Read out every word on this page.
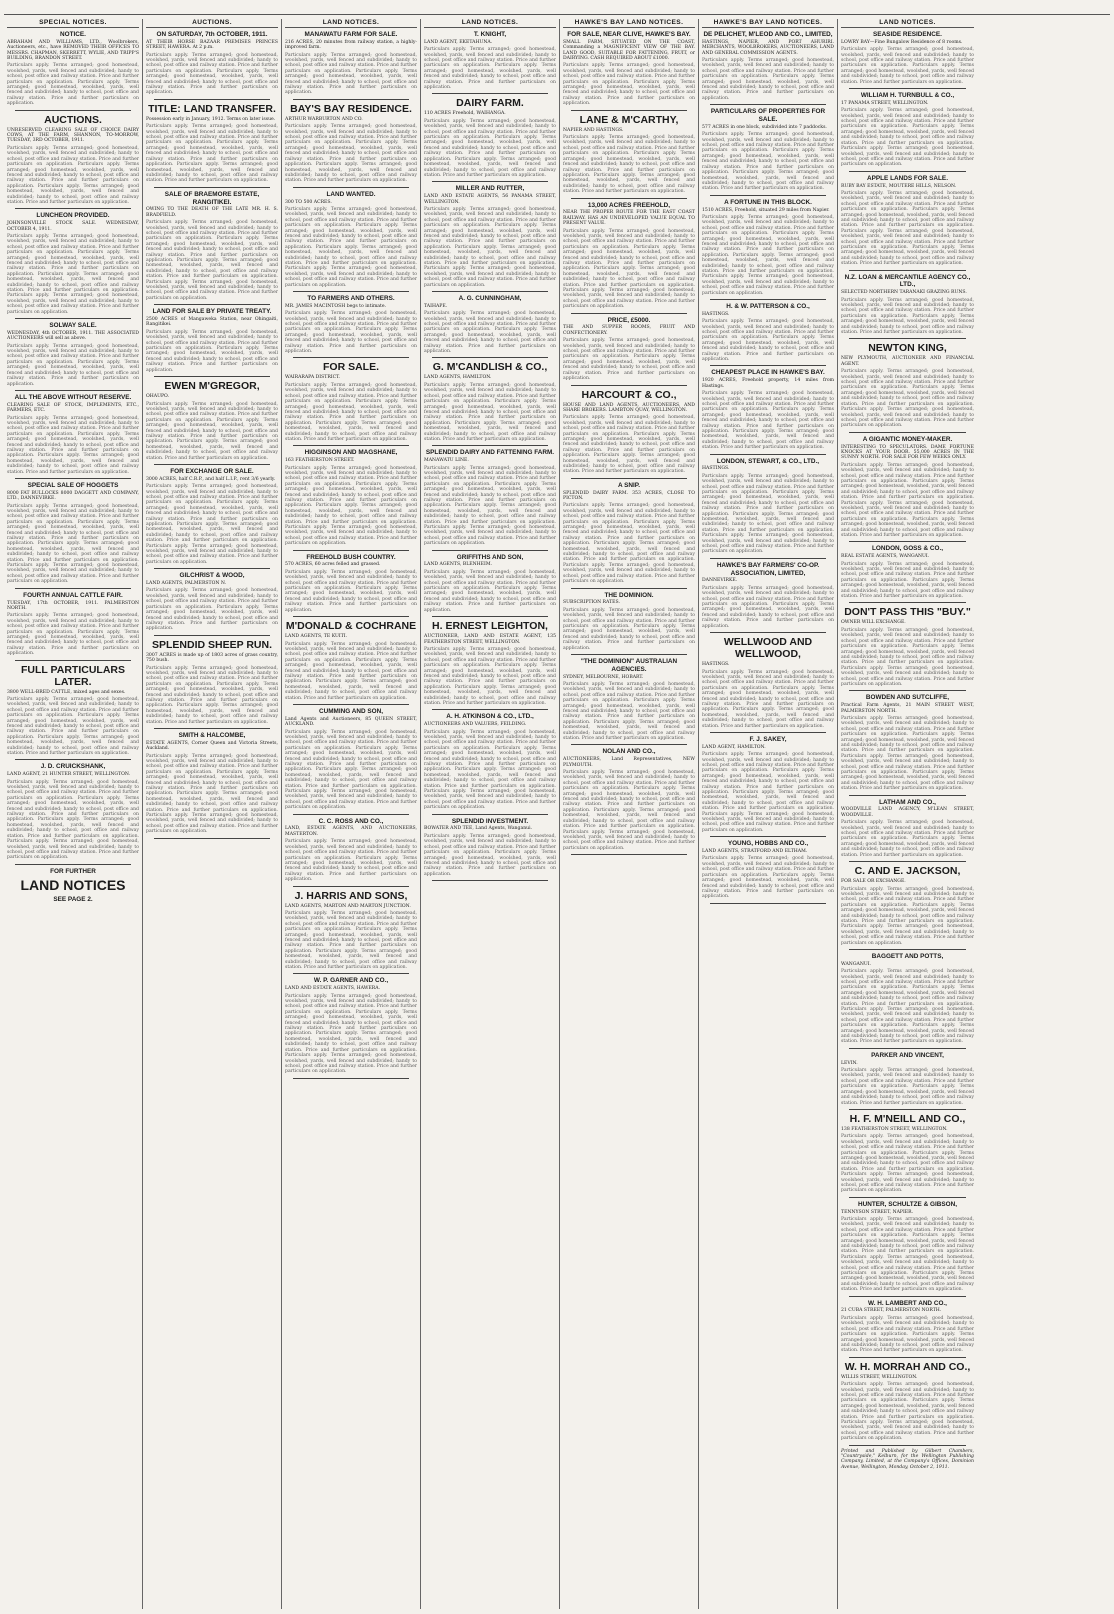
SPECIAL NOTICES.
NOTICE.
ABRAHAM AND WILLIAMS, LTD., Woolbrokers, Auctioneers, etc., have REMOVED THEIR OFFICES TO MESSRS. CHAPMAN, SKERRETT, WYLIE, AND TRIPP'S BUILDING, BRANDON STREET.
Particulars apply. Terms arranged; good homestead, woolshed, yards, well fenced and subdivided; handy to school, post office and railway station. Price and further particulars on application. Particulars apply. Terms arranged; good homestead, woolshed, yards, well fenced and subdivided; handy to school, post office and railway station. Price and further particulars on application.
AUCTIONS.
UNRESERVED CLEARING SALE OF CHOICE DAIRY COWS, AT THE FARM, SHANNON, TO-MORROW, TUESDAY, 3RD OCTOBER, 1911.
Particulars apply. Terms arranged; good homestead, woolshed, yards, well fenced and subdivided; handy to school, post office and railway station. Price and further particulars on application. Particulars apply. Terms arranged; good homestead, woolshed, yards, well fenced and subdivided; handy to school, post office and railway station. Price and further particulars on application. Particulars apply. Terms arranged; good homestead, woolshed, yards, well fenced and subdivided; handy to school, post office and railway station. Price and further particulars on application.
LUNCHEON PROVIDED.
JOHNSONVILLE STOCK SALE. WEDNESDAY, OCTOBER 4, 1911.
Particulars apply. Terms arranged; good homestead, woolshed, yards, well fenced and subdivided; handy to school, post office and railway station. Price and further particulars on application. Particulars apply. Terms arranged; good homestead, woolshed, yards, well fenced and subdivided; handy to school, post office and railway station. Price and further particulars on application. Particulars apply. Terms arranged; good homestead, woolshed, yards, well fenced and subdivided; handy to school, post office and railway station. Price and further particulars on application. Particulars apply. Terms arranged; good homestead, woolshed, yards, well fenced and subdivided; handy to school, post office and railway station. Price and further particulars on application.
SOLWAY SALE.
WEDNESDAY, 4th OCTOBER, 1911. THE ASSOCIATED AUCTIONEERS will sell as above.
Particulars apply. Terms arranged; good homestead, woolshed, yards, well fenced and subdivided; handy to school, post office and railway station. Price and further particulars on application. Particulars apply. Terms arranged; good homestead, woolshed, yards, well fenced and subdivided; handy to school, post office and railway station. Price and further particulars on application.
ALL THE ABOVE WITHOUT RESERVE.
CLEARING SALE OF STOCK, IMPLEMENTS, ETC., FARMERS, ETC.
Particulars apply. Terms arranged; good homestead, woolshed, yards, well fenced and subdivided; handy to school, post office and railway station. Price and further particulars on application. Particulars apply. Terms arranged; good homestead, woolshed, yards, well fenced and subdivided; handy to school, post office and railway station. Price and further particulars on application. Particulars apply. Terms arranged; good homestead, woolshed, yards, well fenced and subdivided; handy to school, post office and railway station. Price and further particulars on application.
SPECIAL SALE OF HOGGETS
8000 FAT BULLOCKS 8000 DAGGETT AND COMPANY, LTD., DANNEVIRKE.
Particulars apply. Terms arranged; good homestead, woolshed, yards, well fenced and subdivided; handy to school, post office and railway station. Price and further particulars on application. Particulars apply. Terms arranged; good homestead, woolshed, yards, well fenced and subdivided; handy to school, post office and railway station. Price and further particulars on application. Particulars apply. Terms arranged; good homestead, woolshed, yards, well fenced and subdivided; handy to school, post office and railway station. Price and further particulars on application. Particulars apply. Terms arranged; good homestead, woolshed, yards, well fenced and subdivided; handy to school, post office and railway station. Price and further particulars on application.
FOURTH ANNUAL CATTLE FAIR.
TUESDAY, 17th OCTOBER, 1911. PALMERSTON NORTH.
Particulars apply. Terms arranged; good homestead, woolshed, yards, well fenced and subdivided; handy to school, post office and railway station. Price and further particulars on application. Particulars apply. Terms arranged; good homestead, woolshed, yards, well fenced and subdivided; handy to school, post office and railway station. Price and further particulars on application.
FULL PARTICULARS LATER.
3800 WELL-BRED CATTLE, mixed ages and sexes.
Particulars apply. Terms arranged; good homestead, woolshed, yards, well fenced and subdivided; handy to school, post office and railway station. Price and further particulars on application. Particulars apply. Terms arranged; good homestead, woolshed, yards, well fenced and subdivided; handy to school, post office and railway station. Price and further particulars on application. Particulars apply. Terms arranged; good homestead, woolshed, yards, well fenced and subdivided; handy to school, post office and railway station. Price and further particulars on application.
J. D. CRUICKSHANK,
LAND AGENT, 21 HUNTER STREET, WELLINGTON.
Particulars apply. Terms arranged; good homestead, woolshed, yards, well fenced and subdivided; handy to school, post office and railway station. Price and further particulars on application. Particulars apply. Terms arranged; good homestead, woolshed, yards, well fenced and subdivided; handy to school, post office and railway station. Price and further particulars on application. Particulars apply. Terms arranged; good homestead, woolshed, yards, well fenced and subdivided; handy to school, post office and railway station. Price and further particulars on application. Particulars apply. Terms arranged; good homestead, woolshed, yards, well fenced and subdivided; handy to school, post office and railway station. Price and further particulars on application.
FOR FURTHER
LAND NOTICES
SEE PAGE 2.
AUCTIONS.
ON SATURDAY, 7th OCTOBER, 1911.
AT THEIR HORSE BAZAAR PREMISES PRINCES STREET, HAWERA. At 2 p.m.
Particulars apply. Terms arranged; good homestead, woolshed, yards, well fenced and subdivided; handy to school, post office and railway station. Price and further particulars on application. Particulars apply. Terms arranged; good homestead, woolshed, yards, well fenced and subdivided; handy to school, post office and railway station. Price and further particulars on application.
TITLE: LAND TRANSFER.
Possession early in January, 1912. Terms on later issue.
Particulars apply. Terms arranged; good homestead, woolshed, yards, well fenced and subdivided; handy to school, post office and railway station. Price and further particulars on application. Particulars apply. Terms arranged; good homestead, woolshed, yards, well fenced and subdivided; handy to school, post office and railway station. Price and further particulars on application. Particulars apply. Terms arranged; good homestead, woolshed, yards, well fenced and subdivided; handy to school, post office and railway station. Price and further particulars on application.
SALE OF BRAEMORE ESTATE, RANGITIKEI.
OWING TO THE DEATH OF THE LATE MR. H. S. BRADFIELD.
Particulars apply. Terms arranged; good homestead, woolshed, yards, well fenced and subdivided; handy to school, post office and railway station. Price and further particulars on application. Particulars apply. Terms arranged; good homestead, woolshed, yards, well fenced and subdivided; handy to school, post office and railway station. Price and further particulars on application. Particulars apply. Terms arranged; good homestead, woolshed, yards, well fenced and subdivided; handy to school, post office and railway station. Price and further particulars on application. Particulars apply. Terms arranged; good homestead, woolshed, yards, well fenced and subdivided; handy to school, post office and railway station. Price and further particulars on application.
LAND FOR SALE BY PRIVATE TREATY.
2500 ACRES of Mangaweka Station, near Ohingaiti, Rangitikei.
Particulars apply. Terms arranged; good homestead, woolshed, yards, well fenced and subdivided; handy to school, post office and railway station. Price and further particulars on application. Particulars apply. Terms arranged; good homestead, woolshed, yards, well fenced and subdivided; handy to school, post office and railway station. Price and further particulars on application.
EWEN M'GREGOR,
OHAUPO.
Particulars apply. Terms arranged; good homestead, woolshed, yards, well fenced and subdivided; handy to school, post office and railway station. Price and further particulars on application. Particulars apply. Terms arranged; good homestead, woolshed, yards, well fenced and subdivided; handy to school, post office and railway station. Price and further particulars on application. Particulars apply. Terms arranged; good homestead, woolshed, yards, well fenced and subdivided; handy to school, post office and railway station. Price and further particulars on application.
FOR EXCHANGE OR SALE.
3000 ACRES, half C.R.P., and half L.I.P., rent 3/6 yearly.
Particulars apply. Terms arranged; good homestead, woolshed, yards, well fenced and subdivided; handy to school, post office and railway station. Price and further particulars on application. Particulars apply. Terms arranged; good homestead, woolshed, yards, well fenced and subdivided; handy to school, post office and railway station. Price and further particulars on application. Particulars apply. Terms arranged; good homestead, woolshed, yards, well fenced and subdivided; handy to school, post office and railway station. Price and further particulars on application. Particulars apply. Terms arranged; good homestead, woolshed, yards, well fenced and subdivided; handy to school, post office and railway station. Price and further particulars on application.
GILCHRIST & WOOD,
LAND AGENTS, PALMERSTON N.
Particulars apply. Terms arranged; good homestead, woolshed, yards, well fenced and subdivided; handy to school, post office and railway station. Price and further particulars on application. Particulars apply. Terms arranged; good homestead, woolshed, yards, well fenced and subdivided; handy to school, post office and railway station. Price and further particulars on application.
SPLENDID SHEEP RUN.
3007 ACRES is made up of 1803 acres of grass country, 750 bush.
Particulars apply. Terms arranged; good homestead, woolshed, yards, well fenced and subdivided; handy to school, post office and railway station. Price and further particulars on application. Particulars apply. Terms arranged; good homestead, woolshed, yards, well fenced and subdivided; handy to school, post office and railway station. Price and further particulars on application. Particulars apply. Terms arranged; good homestead, woolshed, yards, well fenced and subdivided; handy to school, post office and railway station. Price and further particulars on application.
SMITH & HALCOMBE,
ESTATE AGENTS, Corner Queen and Victoria Streets, Auckland.
Particulars apply. Terms arranged; good homestead, woolshed, yards, well fenced and subdivided; handy to school, post office and railway station. Price and further particulars on application. Particulars apply. Terms arranged; good homestead, woolshed, yards, well fenced and subdivided; handy to school, post office and railway station. Price and further particulars on application. Particulars apply. Terms arranged; good homestead, woolshed, yards, well fenced and subdivided; handy to school, post office and railway station. Price and further particulars on application. Particulars apply. Terms arranged; good homestead, woolshed, yards, well fenced and subdivided; handy to school, post office and railway station. Price and further particulars on application.
LAND NOTICES.
MANAWATU FARM FOR SALE.
216 ACRES, 20 minutes from railway station, a highly-improved farm.
Particulars apply. Terms arranged; good homestead, woolshed, yards, well fenced and subdivided; handy to school, post office and railway station. Price and further particulars on application. Particulars apply. Terms arranged; good homestead, woolshed, yards, well fenced and subdivided; handy to school, post office and railway station. Price and further particulars on application.
BAY'S BAY RESIDENCE.
ARTHUR WARBURTON AND CO.
Particulars apply. Terms arranged; good homestead, woolshed, yards, well fenced and subdivided; handy to school, post office and railway station. Price and further particulars on application. Particulars apply. Terms arranged; good homestead, woolshed, yards, well fenced and subdivided; handy to school, post office and railway station. Price and further particulars on application. Particulars apply. Terms arranged; good homestead, woolshed, yards, well fenced and subdivided; handy to school, post office and railway station. Price and further particulars on application.
LAND WANTED.
300 TO 500 ACRES.
Particulars apply. Terms arranged; good homestead, woolshed, yards, well fenced and subdivided; handy to school, post office and railway station. Price and further particulars on application. Particulars apply. Terms arranged; good homestead, woolshed, yards, well fenced and subdivided; handy to school, post office and railway station. Price and further particulars on application. Particulars apply. Terms arranged; good homestead, woolshed, yards, well fenced and subdivided; handy to school, post office and railway station. Price and further particulars on application. Particulars apply. Terms arranged; good homestead, woolshed, yards, well fenced and subdivided; handy to school, post office and railway station. Price and further particulars on application.
TO FARMERS AND OTHERS.
MR. JAMES MACINTOSH begs to intimate.
Particulars apply. Terms arranged; good homestead, woolshed, yards, well fenced and subdivided; handy to school, post office and railway station. Price and further particulars on application. Particulars apply. Terms arranged; good homestead, woolshed, yards, well fenced and subdivided; handy to school, post office and railway station. Price and further particulars on application.
FOR SALE.
WAIRARAPA DISTRICT.
Particulars apply. Terms arranged; good homestead, woolshed, yards, well fenced and subdivided; handy to school, post office and railway station. Price and further particulars on application. Particulars apply. Terms arranged; good homestead, woolshed, yards, well fenced and subdivided; handy to school, post office and railway station. Price and further particulars on application. Particulars apply. Terms arranged; good homestead, woolshed, yards, well fenced and subdivided; handy to school, post office and railway station. Price and further particulars on application.
HIGGINSON AND MAGSHANE,
163 FEATHERSTON STREET.
Particulars apply. Terms arranged; good homestead, woolshed, yards, well fenced and subdivided; handy to school, post office and railway station. Price and further particulars on application. Particulars apply. Terms arranged; good homestead, woolshed, yards, well fenced and subdivided; handy to school, post office and railway station. Price and further particulars on application. Particulars apply. Terms arranged; good homestead, woolshed, yards, well fenced and subdivided; handy to school, post office and railway station. Price and further particulars on application. Particulars apply. Terms arranged; good homestead, woolshed, yards, well fenced and subdivided; handy to school, post office and railway station. Price and further particulars on application.
FREEHOLD BUSH COUNTRY.
570 ACRES, 60 acres felled and grassed.
Particulars apply. Terms arranged; good homestead, woolshed, yards, well fenced and subdivided; handy to school, post office and railway station. Price and further particulars on application. Particulars apply. Terms arranged; good homestead, woolshed, yards, well fenced and subdivided; handy to school, post office and railway station. Price and further particulars on application.
M'DONALD & COCHRANE
LAND AGENTS, TE KUITI.
Particulars apply. Terms arranged; good homestead, woolshed, yards, well fenced and subdivided; handy to school, post office and railway station. Price and further particulars on application. Particulars apply. Terms arranged; good homestead, woolshed, yards, well fenced and subdivided; handy to school, post office and railway station. Price and further particulars on application. Particulars apply. Terms arranged; good homestead, woolshed, yards, well fenced and subdivided; handy to school, post office and railway station. Price and further particulars on application.
CUMMING AND SON,
Land Agents and Auctioneers, 85 QUEEN STREET, AUCKLAND.
Particulars apply. Terms arranged; good homestead, woolshed, yards, well fenced and subdivided; handy to school, post office and railway station. Price and further particulars on application. Particulars apply. Terms arranged; good homestead, woolshed, yards, well fenced and subdivided; handy to school, post office and railway station. Price and further particulars on application. Particulars apply. Terms arranged; good homestead, woolshed, yards, well fenced and subdivided; handy to school, post office and railway station. Price and further particulars on application. Particulars apply. Terms arranged; good homestead, woolshed, yards, well fenced and subdivided; handy to school, post office and railway station. Price and further particulars on application.
C. C. ROSS AND CO.,
LAND, ESTATE AGENTS, AND AUCTIONEERS, MASTERTON.
Particulars apply. Terms arranged; good homestead, woolshed, yards, well fenced and subdivided; handy to school, post office and railway station. Price and further particulars on application. Particulars apply. Terms arranged; good homestead, woolshed, yards, well fenced and subdivided; handy to school, post office and railway station. Price and further particulars on application.
J. HARRIS AND SONS,
LAND AGENTS, MARTON AND MARTON JUNCTION.
Particulars apply. Terms arranged; good homestead, woolshed, yards, well fenced and subdivided; handy to school, post office and railway station. Price and further particulars on application. Particulars apply. Terms arranged; good homestead, woolshed, yards, well fenced and subdivided; handy to school, post office and railway station. Price and further particulars on application. Particulars apply. Terms arranged; good homestead, woolshed, yards, well fenced and subdivided; handy to school, post office and railway station. Price and further particulars on application.
W. P. GARNER AND CO.,
LAND AND ESTATE AGENTS, HAWERA.
Particulars apply. Terms arranged; good homestead, woolshed, yards, well fenced and subdivided; handy to school, post office and railway station. Price and further particulars on application. Particulars apply. Terms arranged; good homestead, woolshed, yards, well fenced and subdivided; handy to school, post office and railway station. Price and further particulars on application. Particulars apply. Terms arranged; good homestead, woolshed, yards, well fenced and subdivided; handy to school, post office and railway station. Price and further particulars on application. Particulars apply. Terms arranged; good homestead, woolshed, yards, well fenced and subdivided; handy to school, post office and railway station. Price and further particulars on application.
LAND NOTICES.
T. KNIGHT,
LAND AGENT, EKETAHUNA.
Particulars apply. Terms arranged; good homestead, woolshed, yards, well fenced and subdivided; handy to school, post office and railway station. Price and further particulars on application. Particulars apply. Terms arranged; good homestead, woolshed, yards, well fenced and subdivided; handy to school, post office and railway station. Price and further particulars on application.
DAIRY FARM.
110 ACRES Freehold, WAIHANGA.
Particulars apply. Terms arranged; good homestead, woolshed, yards, well fenced and subdivided; handy to school, post office and railway station. Price and further particulars on application. Particulars apply. Terms arranged; good homestead, woolshed, yards, well fenced and subdivided; handy to school, post office and railway station. Price and further particulars on application. Particulars apply. Terms arranged; good homestead, woolshed, yards, well fenced and subdivided; handy to school, post office and railway station. Price and further particulars on application.
MILLER AND RUTTER,
LAND AND ESTATE AGENTS, 56 PANAMA STREET, WELLINGTON.
Particulars apply. Terms arranged; good homestead, woolshed, yards, well fenced and subdivided; handy to school, post office and railway station. Price and further particulars on application. Particulars apply. Terms arranged; good homestead, woolshed, yards, well fenced and subdivided; handy to school, post office and railway station. Price and further particulars on application. Particulars apply. Terms arranged; good homestead, woolshed, yards, well fenced and subdivided; handy to school, post office and railway station. Price and further particulars on application. Particulars apply. Terms arranged; good homestead, woolshed, yards, well fenced and subdivided; handy to school, post office and railway station. Price and further particulars on application.
A. G. CUNNINGHAM,
TAIHAPE.
Particulars apply. Terms arranged; good homestead, woolshed, yards, well fenced and subdivided; handy to school, post office and railway station. Price and further particulars on application. Particulars apply. Terms arranged; good homestead, woolshed, yards, well fenced and subdivided; handy to school, post office and railway station. Price and further particulars on application.
G. M'CANDLISH & CO.,
LAND AGENTS, HAMILTON.
Particulars apply. Terms arranged; good homestead, woolshed, yards, well fenced and subdivided; handy to school, post office and railway station. Price and further particulars on application. Particulars apply. Terms arranged; good homestead, woolshed, yards, well fenced and subdivided; handy to school, post office and railway station. Price and further particulars on application. Particulars apply. Terms arranged; good homestead, woolshed, yards, well fenced and subdivided; handy to school, post office and railway station. Price and further particulars on application.
SPLENDID DAIRY AND FATTENING FARM.
MANAWATU LINE.
Particulars apply. Terms arranged; good homestead, woolshed, yards, well fenced and subdivided; handy to school, post office and railway station. Price and further particulars on application. Particulars apply. Terms arranged; good homestead, woolshed, yards, well fenced and subdivided; handy to school, post office and railway station. Price and further particulars on application. Particulars apply. Terms arranged; good homestead, woolshed, yards, well fenced and subdivided; handy to school, post office and railway station. Price and further particulars on application. Particulars apply. Terms arranged; good homestead, woolshed, yards, well fenced and subdivided; handy to school, post office and railway station. Price and further particulars on application.
GRIFFITHS AND SON,
LAND AGENTS, BLENHEIM.
Particulars apply. Terms arranged; good homestead, woolshed, yards, well fenced and subdivided; handy to school, post office and railway station. Price and further particulars on application. Particulars apply. Terms arranged; good homestead, woolshed, yards, well fenced and subdivided; handy to school, post office and railway station. Price and further particulars on application.
H. ERNEST LEIGHTON,
AUCTIONEER, LAND AND ESTATE AGENT, 135 FEATHERSTON STREET, WELLINGTON.
Particulars apply. Terms arranged; good homestead, woolshed, yards, well fenced and subdivided; handy to school, post office and railway station. Price and further particulars on application. Particulars apply. Terms arranged; good homestead, woolshed, yards, well fenced and subdivided; handy to school, post office and railway station. Price and further particulars on application. Particulars apply. Terms arranged; good homestead, woolshed, yards, well fenced and subdivided; handy to school, post office and railway station. Price and further particulars on application.
A. H. ATKINSON & CO., LTD.,
AUCTIONEERS AND VALUERS, FEILDING.
Particulars apply. Terms arranged; good homestead, woolshed, yards, well fenced and subdivided; handy to school, post office and railway station. Price and further particulars on application. Particulars apply. Terms arranged; good homestead, woolshed, yards, well fenced and subdivided; handy to school, post office and railway station. Price and further particulars on application. Particulars apply. Terms arranged; good homestead, woolshed, yards, well fenced and subdivided; handy to school, post office and railway station. Price and further particulars on application. Particulars apply. Terms arranged; good homestead, woolshed, yards, well fenced and subdivided; handy to school, post office and railway station. Price and further particulars on application.
SPLENDID INVESTMENT.
BOWATER AND TEE, Land Agents, Wanganui.
Particulars apply. Terms arranged; good homestead, woolshed, yards, well fenced and subdivided; handy to school, post office and railway station. Price and further particulars on application. Particulars apply. Terms arranged; good homestead, woolshed, yards, well fenced and subdivided; handy to school, post office and railway station. Price and further particulars on application.
HAWKE'S BAY LAND NOTICES.
FOR SALE, NEAR CLIVE, HAWKE'S BAY.
SMALL FARM, SITUATED ON THE COAST, Commanding a MAGNIFICENT VIEW OF THE BAY. LAND GOOD, SUITABLE FOR FATTENING, FRUIT, or DAIRYING. CASH REQUIRED ABOUT £1000.
Particulars apply. Terms arranged; good homestead, woolshed, yards, well fenced and subdivided; handy to school, post office and railway station. Price and further particulars on application. Particulars apply. Terms arranged; good homestead, woolshed, yards, well fenced and subdivided; handy to school, post office and railway station. Price and further particulars on application.
LANE & M'CARTHY,
NAPIER AND HASTINGS.
Particulars apply. Terms arranged; good homestead, woolshed, yards, well fenced and subdivided; handy to school, post office and railway station. Price and further particulars on application. Particulars apply. Terms arranged; good homestead, woolshed, yards, well fenced and subdivided; handy to school, post office and railway station. Price and further particulars on application. Particulars apply. Terms arranged; good homestead, woolshed, yards, well fenced and subdivided; handy to school, post office and railway station. Price and further particulars on application.
13,000 ACRES FREEHOLD,
NEAR THE PROPER ROUTE FOR THE EAST COAST RAILWAY. HAS AN UNDEVELOPED VALUE EQUAL TO PRESENT VALUE.
Particulars apply. Terms arranged; good homestead, woolshed, yards, well fenced and subdivided; handy to school, post office and railway station. Price and further particulars on application. Particulars apply. Terms arranged; good homestead, woolshed, yards, well fenced and subdivided; handy to school, post office and railway station. Price and further particulars on application. Particulars apply. Terms arranged; good homestead, woolshed, yards, well fenced and subdivided; handy to school, post office and railway station. Price and further particulars on application. Particulars apply. Terms arranged; good homestead, woolshed, yards, well fenced and subdivided; handy to school, post office and railway station. Price and further particulars on application.
PRICE, £5000.
THE AND SUPPER ROOMS, FRUIT AND CONFECTIONERY.
Particulars apply. Terms arranged; good homestead, woolshed, yards, well fenced and subdivided; handy to school, post office and railway station. Price and further particulars on application. Particulars apply. Terms arranged; good homestead, woolshed, yards, well fenced and subdivided; handy to school, post office and railway station. Price and further particulars on application.
HARCOURT & CO.,
HOUSE AND LAND AGENTS, AUCTIONEERS, AND SHARE BROKERS. LAMBTON QUAY, WELLINGTON.
Particulars apply. Terms arranged; good homestead, woolshed, yards, well fenced and subdivided; handy to school, post office and railway station. Price and further particulars on application. Particulars apply. Terms arranged; good homestead, woolshed, yards, well fenced and subdivided; handy to school, post office and railway station. Price and further particulars on application. Particulars apply. Terms arranged; good homestead, woolshed, yards, well fenced and subdivided; handy to school, post office and railway station. Price and further particulars on application.
A SNIP.
SPLENDID DAIRY FARM. 353 ACRES, CLOSE TO PICTON.
Particulars apply. Terms arranged; good homestead, woolshed, yards, well fenced and subdivided; handy to school, post office and railway station. Price and further particulars on application. Particulars apply. Terms arranged; good homestead, woolshed, yards, well fenced and subdivided; handy to school, post office and railway station. Price and further particulars on application. Particulars apply. Terms arranged; good homestead, woolshed, yards, well fenced and subdivided; handy to school, post office and railway station. Price and further particulars on application. Particulars apply. Terms arranged; good homestead, woolshed, yards, well fenced and subdivided; handy to school, post office and railway station. Price and further particulars on application.
THE DOMINION.
SUBSCRIPTION RATES.
Particulars apply. Terms arranged; good homestead, woolshed, yards, well fenced and subdivided; handy to school, post office and railway station. Price and further particulars on application. Particulars apply. Terms arranged; good homestead, woolshed, yards, well fenced and subdivided; handy to school, post office and railway station. Price and further particulars on application.
"THE DOMINION" AUSTRALIAN AGENCIES.
SYDNEY, MELBOURNE, HOBART.
Particulars apply. Terms arranged; good homestead, woolshed, yards, well fenced and subdivided; handy to school, post office and railway station. Price and further particulars on application. Particulars apply. Terms arranged; good homestead, woolshed, yards, well fenced and subdivided; handy to school, post office and railway station. Price and further particulars on application. Particulars apply. Terms arranged; good homestead, woolshed, yards, well fenced and subdivided; handy to school, post office and railway station. Price and further particulars on application.
NOLAN AND CO.,
AUCTIONEERS, Land Representatives, NEW PLYMOUTH.
Particulars apply. Terms arranged; good homestead, woolshed, yards, well fenced and subdivided; handy to school, post office and railway station. Price and further particulars on application. Particulars apply. Terms arranged; good homestead, woolshed, yards, well fenced and subdivided; handy to school, post office and railway station. Price and further particulars on application. Particulars apply. Terms arranged; good homestead, woolshed, yards, well fenced and subdivided; handy to school, post office and railway station. Price and further particulars on application. Particulars apply. Terms arranged; good homestead, woolshed, yards, well fenced and subdivided; handy to school, post office and railway station. Price and further particulars on application.
HAWKE'S BAY LAND NOTICES.
DE PELICHET, M'LEOD AND CO., LIMITED,
HASTINGS, NAPIER, AND PORT AHURIRI. MERCHANTS, WOOLBROKERS, AUCTIONEERS, LAND AND GENERAL COMMISSION AGENTS.
Particulars apply. Terms arranged; good homestead, woolshed, yards, well fenced and subdivided; handy to school, post office and railway station. Price and further particulars on application. Particulars apply. Terms arranged; good homestead, woolshed, yards, well fenced and subdivided; handy to school, post office and railway station. Price and further particulars on application.
PARTICULARS OF PROPERTIES FOR SALE.
577 ACRES in one block, subdivided into 7 paddocks.
Particulars apply. Terms arranged; good homestead, woolshed, yards, well fenced and subdivided; handy to school, post office and railway station. Price and further particulars on application. Particulars apply. Terms arranged; good homestead, woolshed, yards, well fenced and subdivided; handy to school, post office and railway station. Price and further particulars on application. Particulars apply. Terms arranged; good homestead, woolshed, yards, well fenced and subdivided; handy to school, post office and railway station. Price and further particulars on application.
A FORTUNE IN THIS BLOCK.
1510 ACRES, Freehold, situated 29 miles from Napier.
Particulars apply. Terms arranged; good homestead, woolshed, yards, well fenced and subdivided; handy to school, post office and railway station. Price and further particulars on application. Particulars apply. Terms arranged; good homestead, woolshed, yards, well fenced and subdivided; handy to school, post office and railway station. Price and further particulars on application. Particulars apply. Terms arranged; good homestead, woolshed, yards, well fenced and subdivided; handy to school, post office and railway station. Price and further particulars on application. Particulars apply. Terms arranged; good homestead, woolshed, yards, well fenced and subdivided; handy to school, post office and railway station. Price and further particulars on application.
H. & W. PATTERSON & CO.,
HASTINGS.
Particulars apply. Terms arranged; good homestead, woolshed, yards, well fenced and subdivided; handy to school, post office and railway station. Price and further particulars on application. Particulars apply. Terms arranged; good homestead, woolshed, yards, well fenced and subdivided; handy to school, post office and railway station. Price and further particulars on application.
CHEAPEST PLACE IN HAWKE'S BAY.
1920 ACRES, Freehold property, 14 miles from Hastings.
Particulars apply. Terms arranged; good homestead, woolshed, yards, well fenced and subdivided; handy to school, post office and railway station. Price and further particulars on application. Particulars apply. Terms arranged; good homestead, woolshed, yards, well fenced and subdivided; handy to school, post office and railway station. Price and further particulars on application. Particulars apply. Terms arranged; good homestead, woolshed, yards, well fenced and subdivided; handy to school, post office and railway station. Price and further particulars on application.
LONDON, STEWART, & CO., LTD.,
HASTINGS.
Particulars apply. Terms arranged; good homestead, woolshed, yards, well fenced and subdivided; handy to school, post office and railway station. Price and further particulars on application. Particulars apply. Terms arranged; good homestead, woolshed, yards, well fenced and subdivided; handy to school, post office and railway station. Price and further particulars on application. Particulars apply. Terms arranged; good homestead, woolshed, yards, well fenced and subdivided; handy to school, post office and railway station. Price and further particulars on application. Particulars apply. Terms arranged; good homestead, woolshed, yards, well fenced and subdivided; handy to school, post office and railway station. Price and further particulars on application.
HAWKE'S BAY FARMERS' CO-OP. ASSOCIATION, LIMITED,
DANNEVIRKE.
Particulars apply. Terms arranged; good homestead, woolshed, yards, well fenced and subdivided; handy to school, post office and railway station. Price and further particulars on application. Particulars apply. Terms arranged; good homestead, woolshed, yards, well fenced and subdivided; handy to school, post office and railway station. Price and further particulars on application.
WELLWOOD AND WELLWOOD,
HASTINGS.
Particulars apply. Terms arranged; good homestead, woolshed, yards, well fenced and subdivided; handy to school, post office and railway station. Price and further particulars on application. Particulars apply. Terms arranged; good homestead, woolshed, yards, well fenced and subdivided; handy to school, post office and railway station. Price and further particulars on application. Particulars apply. Terms arranged; good homestead, woolshed, yards, well fenced and subdivided; handy to school, post office and railway station. Price and further particulars on application.
F. J. SAKEY,
LAND AGENT, HAMILTON.
Particulars apply. Terms arranged; good homestead, woolshed, yards, well fenced and subdivided; handy to school, post office and railway station. Price and further particulars on application. Particulars apply. Terms arranged; good homestead, woolshed, yards, well fenced and subdivided; handy to school, post office and railway station. Price and further particulars on application. Particulars apply. Terms arranged; good homestead, woolshed, yards, well fenced and subdivided; handy to school, post office and railway station. Price and further particulars on application. Particulars apply. Terms arranged; good homestead, woolshed, yards, well fenced and subdivided; handy to school, post office and railway station. Price and further particulars on application.
YOUNG, HOBBS AND CO.,
LAND AGENTS, STRATFORD AND ELTHAM.
Particulars apply. Terms arranged; good homestead, woolshed, yards, well fenced and subdivided; handy to school, post office and railway station. Price and further particulars on application. Particulars apply. Terms arranged; good homestead, woolshed, yards, well fenced and subdivided; handy to school, post office and railway station. Price and further particulars on application.
LAND NOTICES.
SEASIDE RESIDENCE.
LOWRY BAY—Fine Bungalow Residence of 8 rooms.
Particulars apply. Terms arranged; good homestead, woolshed, yards, well fenced and subdivided; handy to school, post office and railway station. Price and further particulars on application. Particulars apply. Terms arranged; good homestead, woolshed, yards, well fenced and subdivided; handy to school, post office and railway station. Price and further particulars on application.
WILLIAM H. TURNBULL & CO.,
17 PANAMA STREET, WELLINGTON.
Particulars apply. Terms arranged; good homestead, woolshed, yards, well fenced and subdivided; handy to school, post office and railway station. Price and further particulars on application. Particulars apply. Terms arranged; good homestead, woolshed, yards, well fenced and subdivided; handy to school, post office and railway station. Price and further particulars on application. Particulars apply. Terms arranged; good homestead, woolshed, yards, well fenced and subdivided; handy to school, post office and railway station. Price and further particulars on application.
APPLE LANDS FOR SALE.
RUBY BAY ESTATE, MOUTERE HILLS, NELSON.
Particulars apply. Terms arranged; good homestead, woolshed, yards, well fenced and subdivided; handy to school, post office and railway station. Price and further particulars on application. Particulars apply. Terms arranged; good homestead, woolshed, yards, well fenced and subdivided; handy to school, post office and railway station. Price and further particulars on application. Particulars apply. Terms arranged; good homestead, woolshed, yards, well fenced and subdivided; handy to school, post office and railway station. Price and further particulars on application. Particulars apply. Terms arranged; good homestead, woolshed, yards, well fenced and subdivided; handy to school, post office and railway station. Price and further particulars on application.
N.Z. LOAN & MERCANTILE AGENCY CO., LTD.,
SELECTED NORTHERN TARANAKI GRAZING RUNS.
Particulars apply. Terms arranged; good homestead, woolshed, yards, well fenced and subdivided; handy to school, post office and railway station. Price and further particulars on application. Particulars apply. Terms arranged; good homestead, woolshed, yards, well fenced and subdivided; handy to school, post office and railway station. Price and further particulars on application.
NEWTON KING,
NEW PLYMOUTH, AUCTIONEER AND FINANCIAL AGENT.
Particulars apply. Terms arranged; good homestead, woolshed, yards, well fenced and subdivided; handy to school, post office and railway station. Price and further particulars on application. Particulars apply. Terms arranged; good homestead, woolshed, yards, well fenced and subdivided; handy to school, post office and railway station. Price and further particulars on application. Particulars apply. Terms arranged; good homestead, woolshed, yards, well fenced and subdivided; handy to school, post office and railway station. Price and further particulars on application.
A GIGANTIC MONEY-MAKER.
INTERESTING TO SPECULATORS. DAME FORTUNE KNOCKS AT YOUR DOOR. 55,000 ACRES IN THE SUNNY NORTH. FOR SALE FOR FEW WEEKS ONLY.
Particulars apply. Terms arranged; good homestead, woolshed, yards, well fenced and subdivided; handy to school, post office and railway station. Price and further particulars on application. Particulars apply. Terms arranged; good homestead, woolshed, yards, well fenced and subdivided; handy to school, post office and railway station. Price and further particulars on application. Particulars apply. Terms arranged; good homestead, woolshed, yards, well fenced and subdivided; handy to school, post office and railway station. Price and further particulars on application. Particulars apply. Terms arranged; good homestead, woolshed, yards, well fenced and subdivided; handy to school, post office and railway station. Price and further particulars on application.
LONDON, GOSS & CO.,
REAL ESTATE AGENTS, WANGANUI.
Particulars apply. Terms arranged; good homestead, woolshed, yards, well fenced and subdivided; handy to school, post office and railway station. Price and further particulars on application. Particulars apply. Terms arranged; good homestead, woolshed, yards, well fenced and subdivided; handy to school, post office and railway station. Price and further particulars on application.
DON'T PASS THIS "BUY."
OWNER WILL EXCHANGE.
Particulars apply. Terms arranged; good homestead, woolshed, yards, well fenced and subdivided; handy to school, post office and railway station. Price and further particulars on application. Particulars apply. Terms arranged; good homestead, woolshed, yards, well fenced and subdivided; handy to school, post office and railway station. Price and further particulars on application. Particulars apply. Terms arranged; good homestead, woolshed, yards, well fenced and subdivided; handy to school, post office and railway station. Price and further particulars on application.
BOWDEN AND SUTCLIFFE,
Practical Farm Agents, 21 MAIN STREET WEST, PALMERSTON NORTH.
Particulars apply. Terms arranged; good homestead, woolshed, yards, well fenced and subdivided; handy to school, post office and railway station. Price and further particulars on application. Particulars apply. Terms arranged; good homestead, woolshed, yards, well fenced and subdivided; handy to school, post office and railway station. Price and further particulars on application. Particulars apply. Terms arranged; good homestead, woolshed, yards, well fenced and subdivided; handy to school, post office and railway station. Price and further particulars on application. Particulars apply. Terms arranged; good homestead, woolshed, yards, well fenced and subdivided; handy to school, post office and railway station. Price and further particulars on application.
LATHAM AND CO.,
WOODVILLE LAND AGENCY, M'LEAN STREET, WOODVILLE.
Particulars apply. Terms arranged; good homestead, woolshed, yards, well fenced and subdivided; handy to school, post office and railway station. Price and further particulars on application. Particulars apply. Terms arranged; good homestead, woolshed, yards, well fenced and subdivided; handy to school, post office and railway station. Price and further particulars on application.
C. AND E. JACKSON,
FOR SALE OR EXCHANGE.
Particulars apply. Terms arranged; good homestead, woolshed, yards, well fenced and subdivided; handy to school, post office and railway station. Price and further particulars on application. Particulars apply. Terms arranged; good homestead, woolshed, yards, well fenced and subdivided; handy to school, post office and railway station. Price and further particulars on application. Particulars apply. Terms arranged; good homestead, woolshed, yards, well fenced and subdivided; handy to school, post office and railway station. Price and further particulars on application.
BAGGETT AND POTTS,
WANGANUI.
Particulars apply. Terms arranged; good homestead, woolshed, yards, well fenced and subdivided; handy to school, post office and railway station. Price and further particulars on application. Particulars apply. Terms arranged; good homestead, woolshed, yards, well fenced and subdivided; handy to school, post office and railway station. Price and further particulars on application. Particulars apply. Terms arranged; good homestead, woolshed, yards, well fenced and subdivided; handy to school, post office and railway station. Price and further particulars on application. Particulars apply. Terms arranged; good homestead, woolshed, yards, well fenced and subdivided; handy to school, post office and railway station. Price and further particulars on application.
PARKER AND VINCENT,
LEVIN.
Particulars apply. Terms arranged; good homestead, woolshed, yards, well fenced and subdivided; handy to school, post office and railway station. Price and further particulars on application. Particulars apply. Terms arranged; good homestead, woolshed, yards, well fenced and subdivided; handy to school, post office and railway station. Price and further particulars on application.
H. F. M'NEILL AND CO.,
138 FEATHERSTON STREET, WELLINGTON.
Particulars apply. Terms arranged; good homestead, woolshed, yards, well fenced and subdivided; handy to school, post office and railway station. Price and further particulars on application. Particulars apply. Terms arranged; good homestead, woolshed, yards, well fenced and subdivided; handy to school, post office and railway station. Price and further particulars on application. Particulars apply. Terms arranged; good homestead, woolshed, yards, well fenced and subdivided; handy to school, post office and railway station. Price and further particulars on application.
HUNTER, SCHULTZE & GIBSON,
TENNYSON STREET, NAPIER.
Particulars apply. Terms arranged; good homestead, woolshed, yards, well fenced and subdivided; handy to school, post office and railway station. Price and further particulars on application. Particulars apply. Terms arranged; good homestead, woolshed, yards, well fenced and subdivided; handy to school, post office and railway station. Price and further particulars on application. Particulars apply. Terms arranged; good homestead, woolshed, yards, well fenced and subdivided; handy to school, post office and railway station. Price and further particulars on application. Particulars apply. Terms arranged; good homestead, woolshed, yards, well fenced and subdivided; handy to school, post office and railway station. Price and further particulars on application.
W. H. LAMBERT AND CO.,
21 CUBA STREET, PALMERSTON NORTH.
Particulars apply. Terms arranged; good homestead, woolshed, yards, well fenced and subdivided; handy to school, post office and railway station. Price and further particulars on application. Particulars apply. Terms arranged; good homestead, woolshed, yards, well fenced and subdivided; handy to school, post office and railway station. Price and further particulars on application.
W. H. MORRAH AND CO.,
WILLIS STREET, WELLINGTON.
Particulars apply. Terms arranged; good homestead, woolshed, yards, well fenced and subdivided; handy to school, post office and railway station. Price and further particulars on application. Particulars apply. Terms arranged; good homestead, woolshed, yards, well fenced and subdivided; handy to school, post office and railway station. Price and further particulars on application. Particulars apply. Terms arranged; good homestead, woolshed, yards, well fenced and subdivided; handy to school, post office and railway station. Price and further particulars on application.
Printed and Published by Gilbert Chambers, "Countryside," Kelburn, for the Wellington Publishing Company, Limited, at the Company's Offices, Dominion Avenue, Wellington, Monday, October 2, 1911.
